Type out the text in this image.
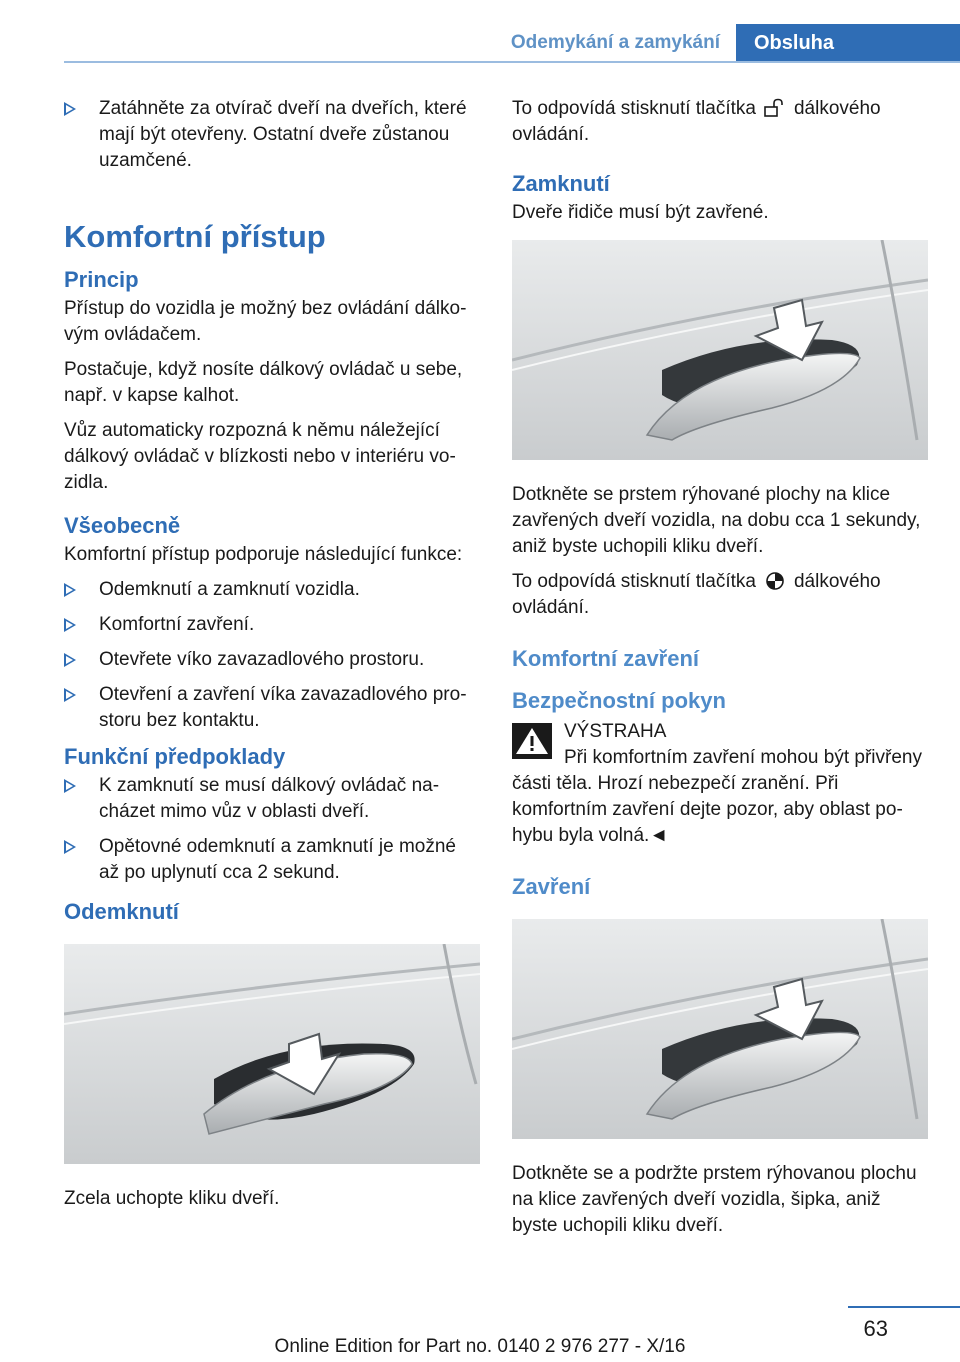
Odemykání a zamykání	Obsluha
Zatáhněte za otvírač dveří na dveřích, které mají být otevřeny. Ostatní dveře zůstanou uzamčené.
Komfortní přístup
Princip

Přístup do vozidla je možný bez ovládání dálkovým ovládačem.

Postačuje, když nosíte dálkový ovládač u sebe, např. v kapse kalhot.

Vůz automaticky rozpozná k němu náležející dálkový ovládač v blízkosti nebo v interiéru vozidla.

Všeobecně

Komfortní přístup podporuje následující funkce:

Odemknutí a zamknutí vozidla.
Komfortní zavření.
Otevřete víko zavazadlového prostoru.
Otevření a zavření víka zavazadlového prostoru bez kontaktu.
Funkční předpoklady
K zamknutí se musí dálkový ovládač nacházet mimo vůz v oblasti dveří.
Opětovné odemknutí a zamknutí je možné až po uplynutí cca 2 sekund.
Odemknutí

Zcela uchopte kliku dveří.

To odpovídá stisknutí tlačítka dálkového ovládání.

Zamknutí

Dveře řidiče musí být zavřené.

Dotkněte se prstem rýhované plochy na klice zavřených dveří vozidla, na dobu cca 1 sekundy, aniž byste uchopili kliku dveří.

To odpovídá stisknutí tlačítka dálkového ovládání.

Komfortní zavření
Bezpečnostní pokyn

VÝSTRAHA

Při komfortním zavření mohou být přivřeny části těla. Hrozí nebezpečí zranění. Při komfortním zavření dejte pozor, aby oblast pohybu byla volná.◄

Zavření

Dotkněte se a podržte prstem rýhovanou plochu na klice zavřených dveří vozidla, šipka, aniž byste uchopili kliku dveří.

63
Online Edition for Part no. 0140 2 976 277 - X/16
